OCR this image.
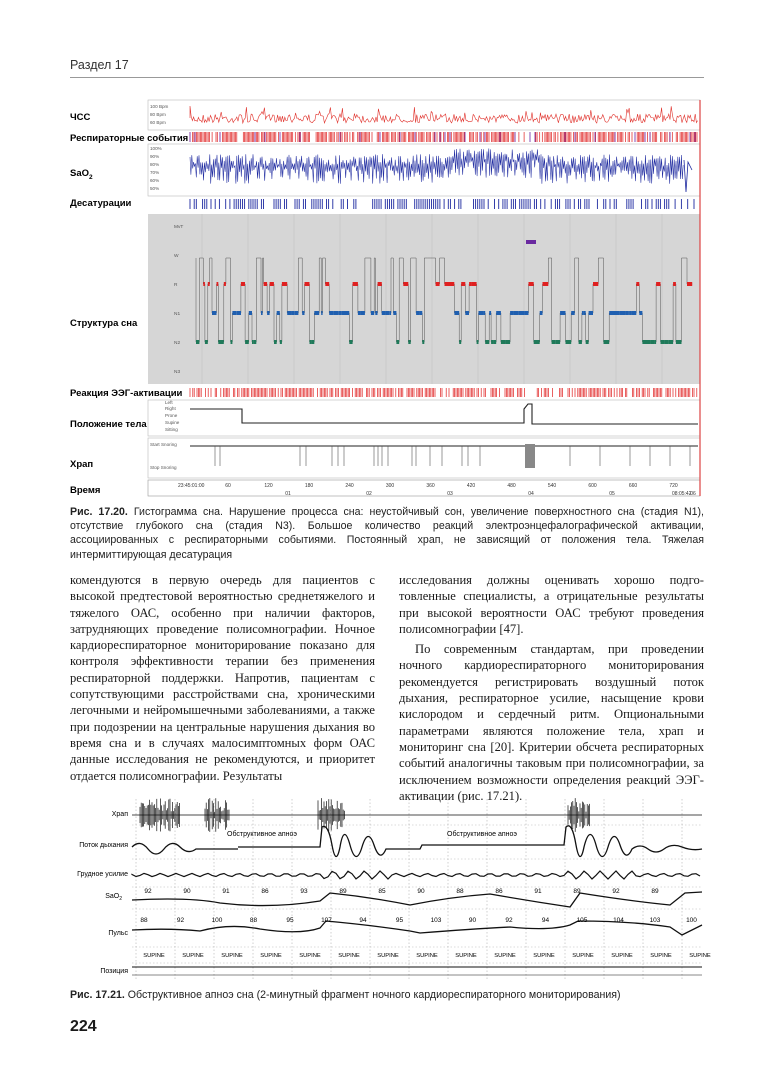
Раздел 17
60	120	180	240	300	360	420	480	540	600	660	720
01	02	03	04	05	06
ЧСС
Респираторные события
SaO$_2$
Десатурации
Структура сна
Реакция ЭЭГ-активации
Положение тела
Храп
Время
100 Bpm
80 Bpm
60 Bpm
100%
90%
80%
70%
60%
50%
MvT
W
R
N1
N2
N3
Left
Right
Prone
Supine
Sitting
Start Snoring
Stop Snoring
23:45:01:00
08:05:42
Рис. 17.20. Гистограмма сна. Нарушение процесса сна: неустойчивый сон, увеличение поверхностного сна (стадия N1), отсутствие глубокого сна (стадия N3). Большое количество реакций электроэнцефалографической активации, ассоциированных с респираторными событиями. Постоянный храп, не зависящий от положения тела. Тяжелая интермиттирующая десатурация

комендуются в первую очередь для пациентов с высокой предтестовой вероятностью среднетяжелого и тяжелого ОАС, особенно при наличии факторов, затрудняющих проведение полисомнографии. Ночное кардиореспираторное мониторирование показано для контроля эффективности терапии без применения респираторной поддержки. Напротив, пациентам с сопутствующими расстройствами сна, хроническими легочными и нейромышечными заболеваниями, а также при подозрении на центральные нарушения дыхания во время сна и в случаях малосимптомных форм ОАС данные исследования не рекомендуются, и приоритет отдается полисомнографии. Результаты

исследования должны оценивать хорошо подготовленные специалисты, а отрицательные результаты при высокой вероятности ОАС требуют проведения полисомнографии [47].

По современным стандартам, при проведении ночного кардиореспираторного мониторирования рекомендуется регистрировать воздушный поток дыхания, респираторное усилие, насыщение крови кислородом и сердечный ритм. Опциональными параметрами являются положение тела, храп и мониторинг сна [20]. Критерии обсчета респираторных событий аналогичны таковым при полисомнографии, за исключением возможности определения реакций ЭЭГ-активации (рис. 17.21).

Храп
Поток дыхания
Грудное усилие
SaO$_2$
Пульс
Позиция
92	90	91	86	93	89	85	90	88	86	91	89	92	89
88	92	100	88	95	107	94	95	103	90	92	94	105	104	103	100
SUPINE	SUPINE	SUPINE	SUPINE	SUPINE	SUPINE	SUPINE	SUPINE	SUPINE	SUPINE	SUPINE	SUPINE	SUPINE	SUPINE	SUPINE
Обструктивное апноэ	Обструктивное апноэ
Рис. 17.21. Обструктивное апноэ сна (2-минутный фрагмент ночного кардиореспираторного мониторирования)
224
